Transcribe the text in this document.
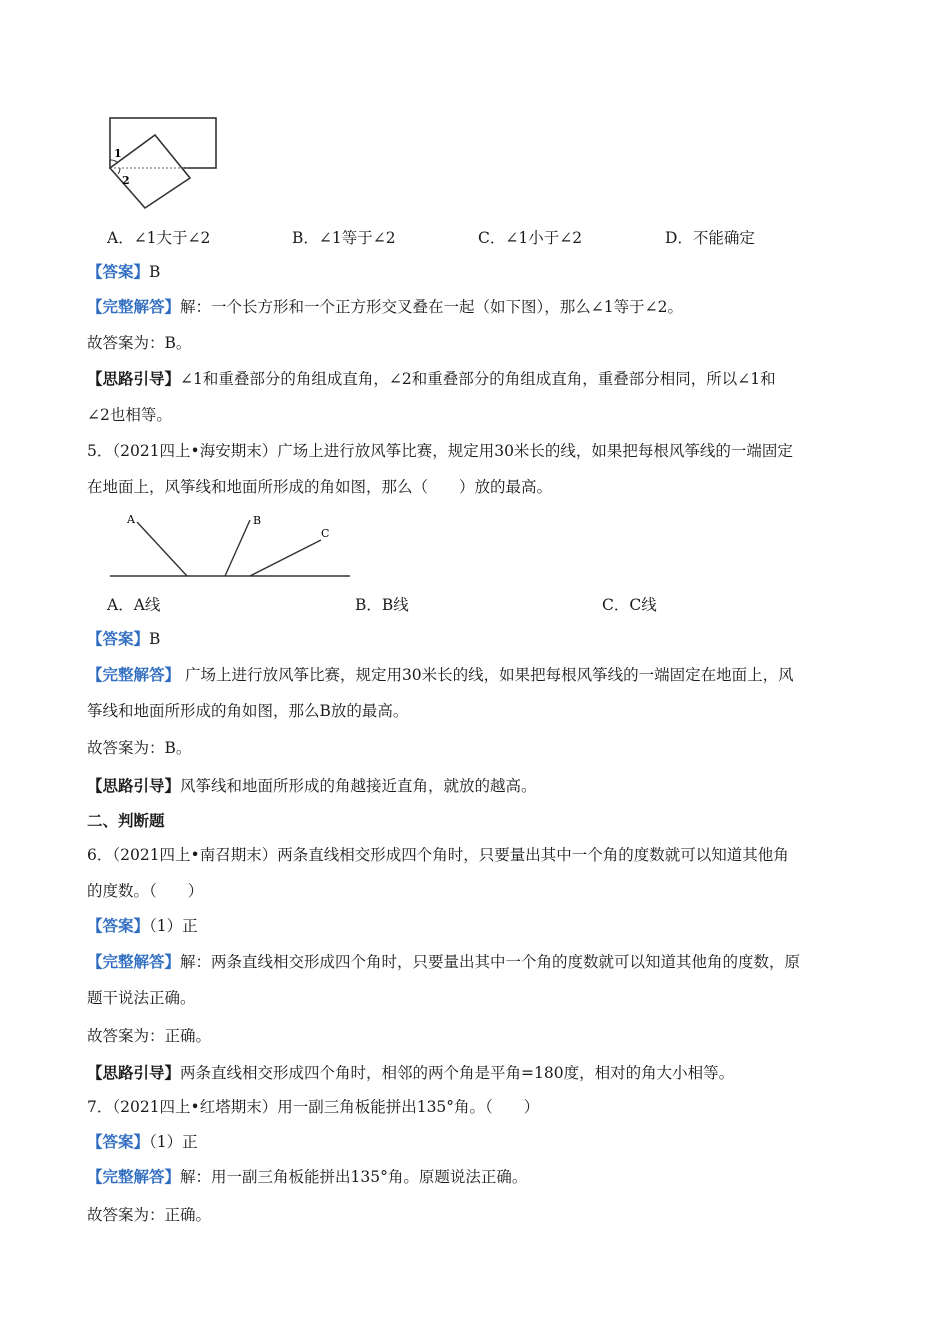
1
2
A．∠1大于∠2	B．∠1等于∠2	C．∠1小于∠2	D．不能确定
【答案】B
【完整解答】解：一个长方形和一个正方形交叉叠在一起（如下图），那么∠1等于∠2。
故答案为：B。
【思路引导】∠1和重叠部分的角组成直角，∠2和重叠部分的角组成直角，重叠部分相同，所以∠1和
∠2也相等。
5．（2021四上•海安期末）广场上进行放风筝比赛，规定用30米长的线，如果把每根风筝线的一端固定
在地面上，风筝线和地面所形成的角如图，那么（　　）放的最高。
A	B
C
A．A线	B．B线	C．C线
【答案】B
【完整解答】 广场上进行放风筝比赛，规定用30米长的线，如果把每根风筝线的一端固定在地面上，风
筝线和地面所形成的角如图，那么B放的最高。
故答案为：B。
【思路引导】风筝线和地面所形成的角越接近直角，就放的越高。
二、判断题
6．（2021四上•南召期末）两条直线相交形成四个角时，只要量出其中一个角的度数就可以知道其他角
的度数。（　　）
【答案】（1）正
【完整解答】解：两条直线相交形成四个角时，只要量出其中一个角的度数就可以知道其他角的度数，原
题干说法正确。
故答案为：正确。
【思路引导】两条直线相交形成四个角时，相邻的两个角是平角=180度，相对的角大小相等。
7．（2021四上•红塔期末）用一副三角板能拼出135°角。（　　）
【答案】（1）正
【完整解答】解：用一副三角板能拼出135°角。原题说法正确。
故答案为：正确。
